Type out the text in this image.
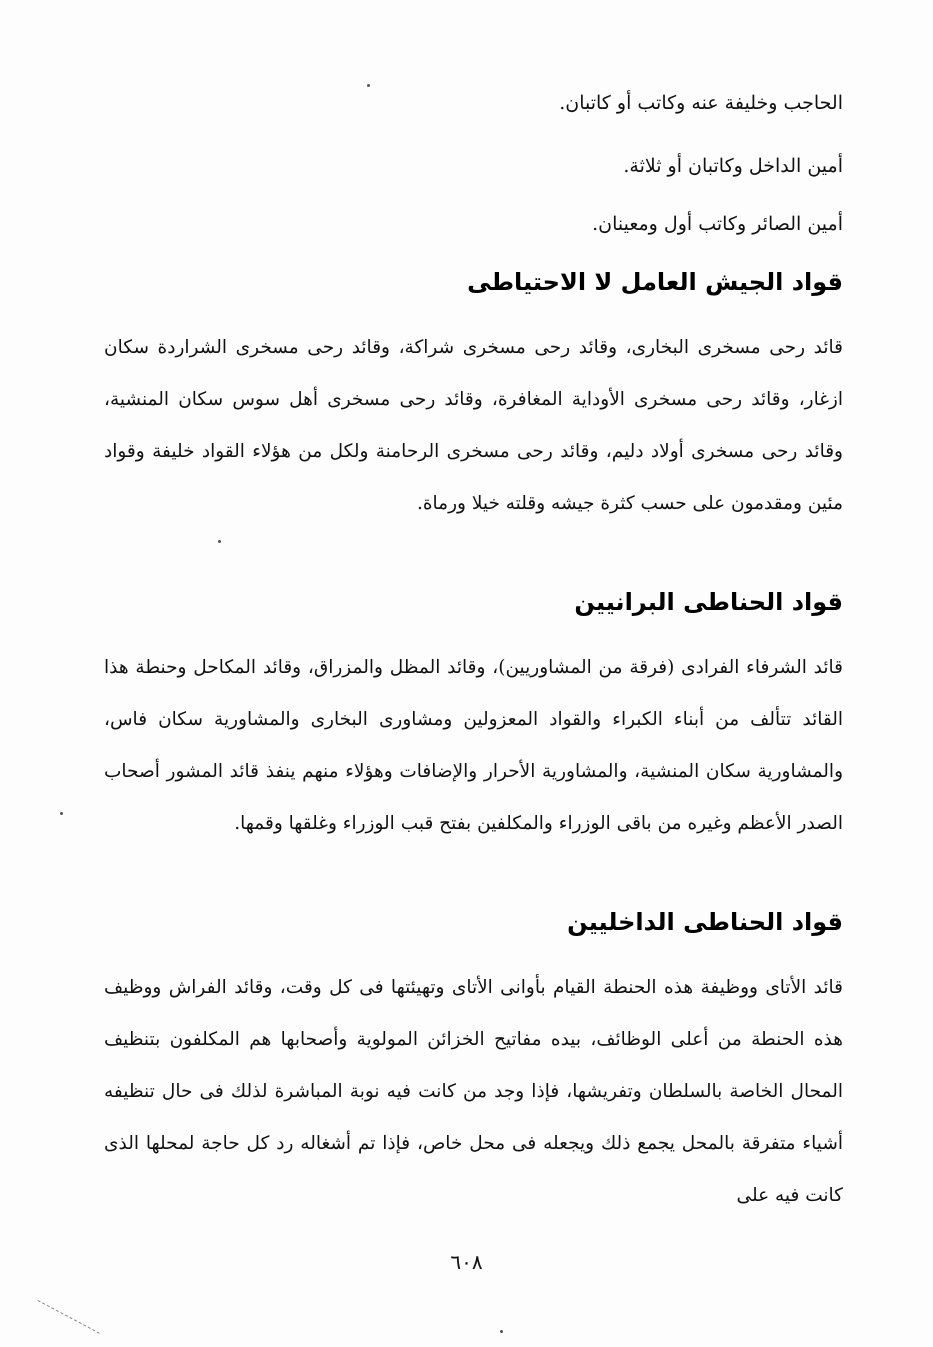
الحاجب وخليفة عنه وكاتب أو كاتبان.
أمين الداخل وكاتبان أو ثلاثة.
أمين الصائر وكاتب أول ومعينان.
قواد الجيش العامل لا الاحتياطى
قائد رحى مسخرى البخارى، وقائد رحى مسخرى شراكة، وقائد رحى مسخرى الشراردة سكان ازغار، وقائد رحى مسخرى الأوداية المغافرة، وقائد رحى مسخرى أهل سوس سكان المنشية، وقائد رحى مسخرى أولاد دليم، وقائد رحى مسخرى الرحامنة ولكل من هؤلاء القواد خليفة وقواد مئين ومقدمون على حسب كثرة جيشه وقلته خيلا ورماة.
قواد الحناطى البرانيين
قائد الشرفاء الفرادى (فرقة من المشاوريين)، وقائد المظل والمزراق، وقائد المكاحل وحنطة هذا القائد تتألف من أبناء الكبراء والقواد المعزولين ومشاورى البخارى والمشاورية سكان فاس، والمشاورية سكان المنشية، والمشاورية الأحرار والإضافات وهؤلاء منهم ينفذ قائد المشور أصحاب الصدر الأعظم وغيره من باقى الوزراء والمكلفين بفتح قبب الوزراء وغلقها وقمها.
قواد الحناطى الداخليين
قائد الأتاى ووظيفة هذه الحنطة القيام بأوانى الأتاى وتهيئتها فى كل وقت، وقائد الفراش ووظيف هذه الحنطة من أعلى الوظائف، بيده مفاتيح الخزائن المولوية وأصحابها هم المكلفون بتنظيف المحال الخاصة بالسلطان وتفريشها، فإذا وجد من كانت فيه نوبة المباشرة لذلك فى حال تنظيفه أشياء متفرقة بالمحل يجمع ذلك ويجعله فى محل خاص، فإذا تم أشغاله رد كل حاجة لمحلها الذى كانت فيه على
٦٠٨
